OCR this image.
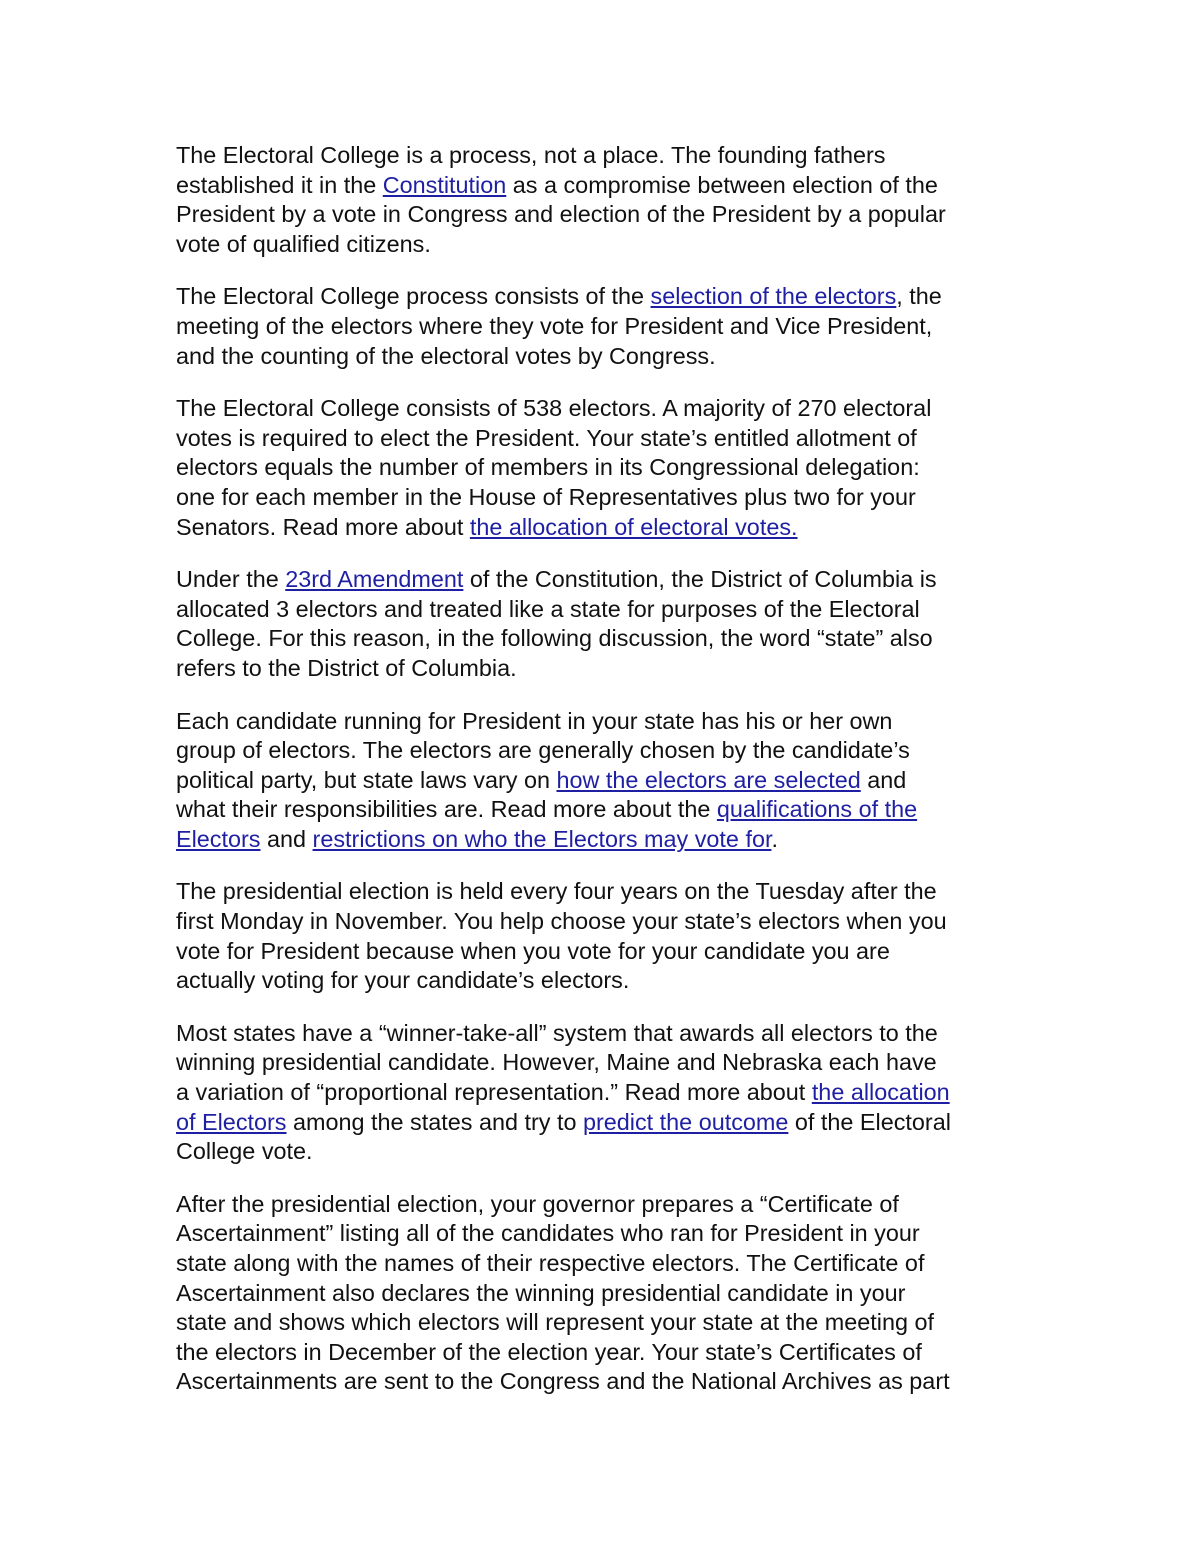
The Electoral College is a process, not a place. The founding fathers
established it in the Constitution as a compromise between election of the
President by a vote in Congress and election of the President by a popular
vote of qualified citizens.

The Electoral College process consists of the selection of the electors, the
meeting of the electors where they vote for President and Vice President,
and the counting of the electoral votes by Congress.

The Electoral College consists of 538 electors. A majority of 270 electoral
votes is required to elect the President. Your state’s entitled allotment of
electors equals the number of members in its Congressional delegation:
one for each member in the House of Representatives plus two for your
Senators. Read more about the allocation of electoral votes.

Under the 23rd Amendment of the Constitution, the District of Columbia is
allocated 3 electors and treated like a state for purposes of the Electoral
College. For this reason, in the following discussion, the word “state” also
refers to the District of Columbia.

Each candidate running for President in your state has his or her own
group of electors. The electors are generally chosen by the candidate’s
political party, but state laws vary on how the electors are selected and
what their responsibilities are. Read more about the qualifications of the
Electors and restrictions on who the Electors may vote for.

The presidential election is held every four years on the Tuesday after the
first Monday in November. You help choose your state’s electors when you
vote for President because when you vote for your candidate you are
actually voting for your candidate’s electors.

Most states have a “winner-take-all” system that awards all electors to the
winning presidential candidate. However, Maine and Nebraska each have
a variation of “proportional representation.” Read more about the allocation
of Electors among the states and try to predict the outcome of the Electoral
College vote.

After the presidential election, your governor prepares a “Certificate of
Ascertainment” listing all of the candidates who ran for President in your
state along with the names of their respective electors. The Certificate of
Ascertainment also declares the winning presidential candidate in your
state and shows which electors will represent your state at the meeting of
the electors in December of the election year. Your state’s Certificates of
Ascertainments are sent to the Congress and the National Archives as part
